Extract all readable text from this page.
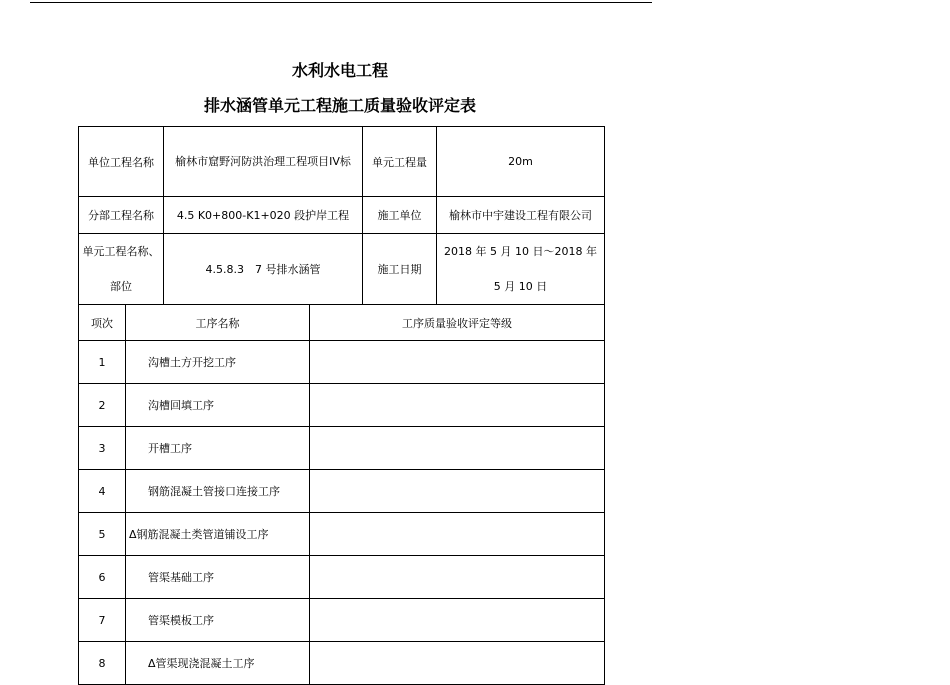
水利水电工程
排水涵管单元工程施工质量验收评定表
单位工程名称		榆林市窟野河防洪治理工程项目IV标		单元工程量	20m
分部工程名称		4.5 K0+800-K1+020 段护岸工程		施工单位	榆林市中宇建设工程有限公司
单元工程名称、部位		4.5.8.3　7 号排水涵管		施工日期	2018 年 5 月 10 日～2018 年 5 月 10 日
项次	工序名称		工序质量验收评定等级		
1	沟槽土方开挖工序				
2	沟槽回填工序				
3	开槽工序				
4	钢筋混凝土管接口连接工序				
5	Δ钢筋混凝土类管道铺设工序				
6	管渠基础工序				
7	管渠模板工序				
8	Δ管渠现浇混凝土工序				
